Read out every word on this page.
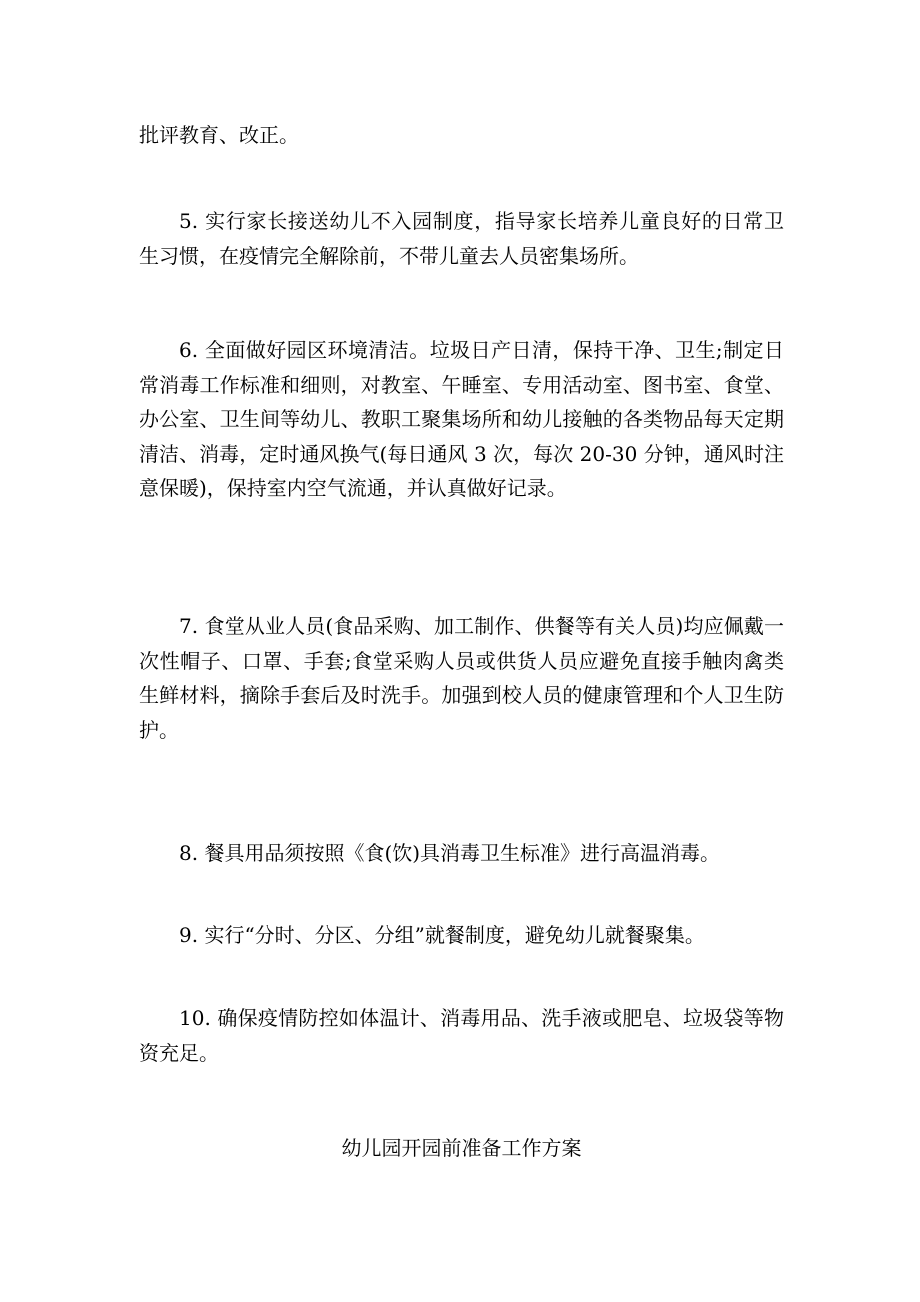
批评教育、改正。

5. 实行家长接送幼儿不入园制度，指导家长培养儿童良好的日常卫生习惯，在疫情完全解除前，不带儿童去人员密集场所。

6. 全面做好园区环境清洁。垃圾日产日清，保持干净、卫生;制定日常消毒工作标准和细则，对教室、午睡室、专用活动室、图书室、食堂、办公室、卫生间等幼儿、教职工聚集场所和幼儿接触的各类物品每天定期清洁、消毒，定时通风换气(每日通风 3 次，每次 20-30 分钟，通风时注意保暖)，保持室内空气流通，并认真做好记录。

7. 食堂从业人员(食品采购、加工制作、供餐等有关人员)均应佩戴一次性帽子、口罩、手套;食堂采购人员或供货人员应避免直接手触肉禽类生鲜材料，摘除手套后及时洗手。加强到校人员的健康管理和个人卫生防护。

8. 餐具用品须按照《食(饮)具消毒卫生标准》进行高温消毒。

9. 实行“分时、分区、分组”就餐制度，避免幼儿就餐聚集。

10. 确保疫情防控如体温计、消毒用品、洗手液或肥皂、垃圾袋等物资充足。

幼儿园开园前准备工作方案
